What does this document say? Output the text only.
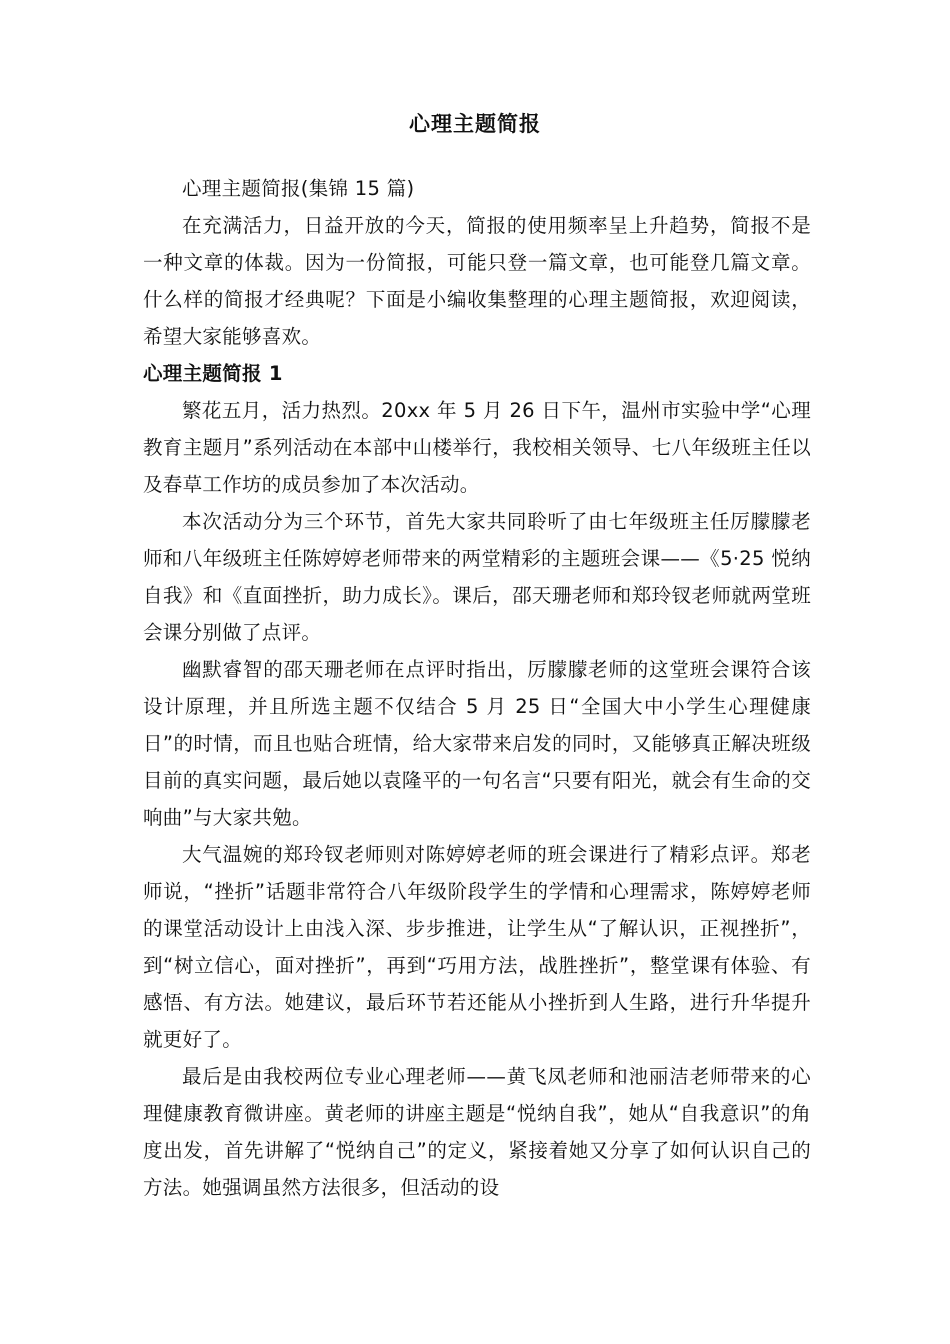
心理主题简报

心理主题简报(集锦 15 篇)

在充满活力，日益开放的今天，简报的使用频率呈上升趋势，简报不是一种文章的体裁。因为一份简报，可能只登一篇文章，也可能登几篇文章。什么样的简报才经典呢？下面是小编收集整理的心理主题简报，欢迎阅读，希望大家能够喜欢。

心理主题简报 1

繁花五月，活力热烈。20xx 年 5 月 26 日下午，温州市实验中学“心理教育主题月”系列活动在本部中山楼举行，我校相关领导、七八年级班主任以及春草工作坊的成员参加了本次活动。

本次活动分为三个环节，首先大家共同聆听了由七年级班主任厉朦朦老师和八年级班主任陈婷婷老师带来的两堂精彩的主题班会课——《5·25 悦纳自我》和《直面挫折，助力成长》。课后，邵天珊老师和郑玲钗老师就两堂班会课分别做了点评。

幽默睿智的邵天珊老师在点评时指出，厉朦朦老师的这堂班会课符合该设计原理，并且所选主题不仅结合 5 月 25 日“全国大中小学生心理健康日”的时情，而且也贴合班情，给大家带来启发的同时，又能够真正解决班级目前的真实问题，最后她以袁隆平的一句名言“只要有阳光，就会有生命的交响曲”与大家共勉。

大气温婉的郑玲钗老师则对陈婷婷老师的班会课进行了精彩点评。郑老师说，“挫折”话题非常符合八年级阶段学生的学情和心理需求，陈婷婷老师的课堂活动设计上由浅入深、步步推进，让学生从“了解认识，正视挫折”，到“树立信心，面对挫折”，再到“巧用方法，战胜挫折”，整堂课有体验、有感悟、有方法。她建议，最后环节若还能从小挫折到人生路，进行升华提升就更好了。

最后是由我校两位专业心理老师——黄飞凤老师和池丽洁老师带来的心理健康教育微讲座。黄老师的讲座主题是“悦纳自我”，她从“自我意识”的角度出发，首先讲解了“悦纳自己”的定义，紧接着她又分享了如何认识自己的方法。她强调虽然方法很多，但活动的设
